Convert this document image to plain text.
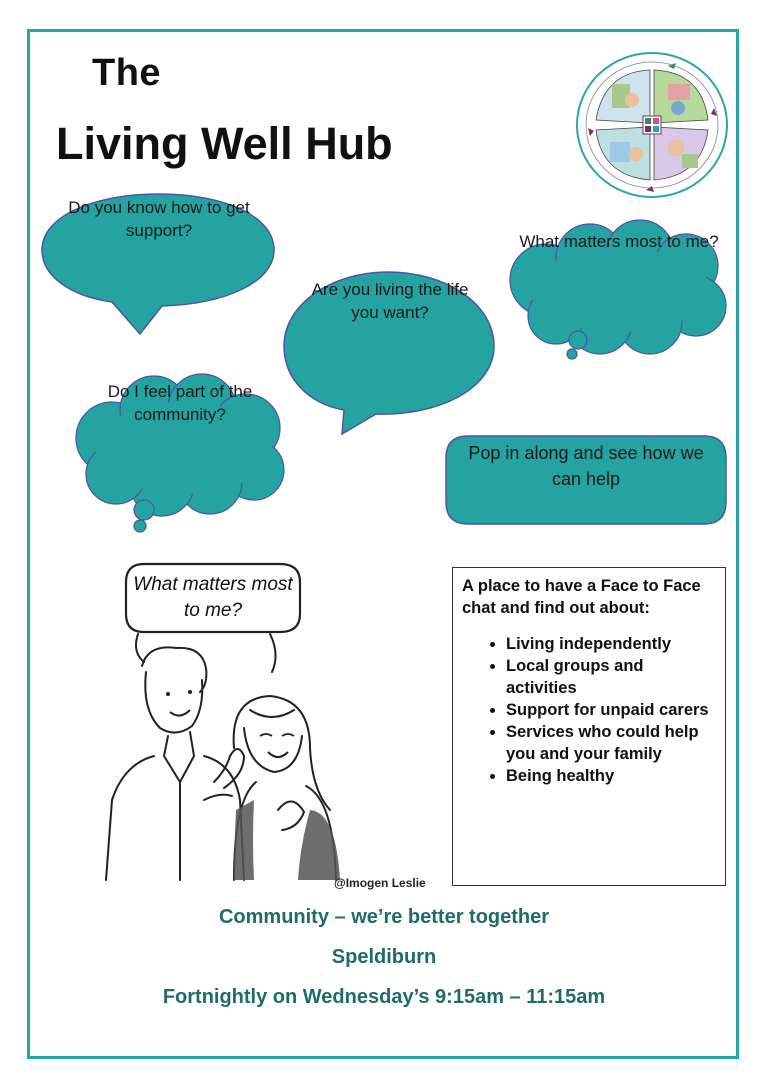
The
Living Well Hub
Do you know how to get support?
What matters most to me?
Are you living the life you want?
Do I feel part of the community?
Pop in along and see how we can help
What matters most
to me?
@Imogen Leslie
A place to have a Face to Face chat and find out about:
• Living independently
• Local groups and activities
• Support for unpaid carers
• Services who could help you and your family
• Being healthy
Community – we’re better together
Speldiburn
Fortnightly on Wednesday’s 9:15am – 11:15am
